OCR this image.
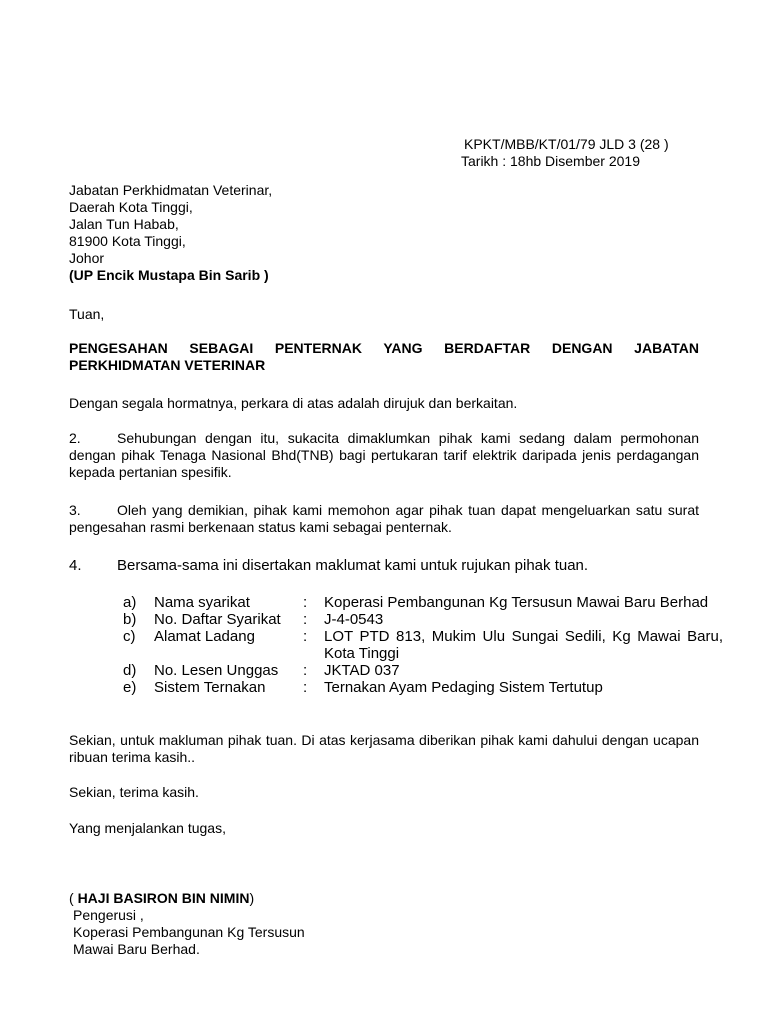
KPKT/MBB/KT/01/79 JLD 3 (28 )
Tarikh : 18hb Disember 2019
Jabatan Perkhidmatan Veterinar,
Daerah Kota Tinggi,
Jalan Tun Habab,
81900 Kota Tinggi,
Johor
(UP Encik Mustapa Bin Sarib )
Tuan,
PENGESAHAN SEBAGAI PENTERNAK YANG BERDAFTAR DENGAN JABATAN PERKHIDMATAN VETERINAR
Dengan segala hormatnya, perkara di atas adalah dirujuk dan berkaitan.
2.	Sehubungan dengan itu, sukacita dimaklumkan pihak kami sedang dalam permohonan dengan pihak Tenaga Nasional Bhd(TNB) bagi pertukaran tarif elektrik daripada jenis perdagangan kepada pertanian spesifik.
3.	Oleh yang demikian, pihak kami memohon agar pihak tuan dapat mengeluarkan satu surat pengesahan rasmi berkenaan status kami sebagai penternak.
4. Bersama-sama ini disertakan maklumat kami untuk rujukan pihak tuan.
a)	Nama syarikat	:	Koperasi Pembangunan Kg Tersusun Mawai Baru Berhad
b)	No. Daftar Syarikat	:	J-4-0543
c)	Alamat Ladang	:	LOT PTD 813, Mukim Ulu Sungai Sedili, Kg Mawai Baru, Kota Tinggi
d)	No. Lesen Unggas	:	JKTAD 037
e)	Sistem Ternakan	:	Ternakan Ayam Pedaging Sistem Tertutup
Sekian, untuk makluman pihak tuan. Di atas kerjasama diberikan pihak kami dahului dengan ucapan ribuan terima kasih..
Sekian, terima kasih.
Yang menjalankan tugas,
( HAJI BASIRON BIN NIMIN)
Pengerusi ,
Koperasi Pembangunan Kg Tersusun
Mawai Baru Berhad.
